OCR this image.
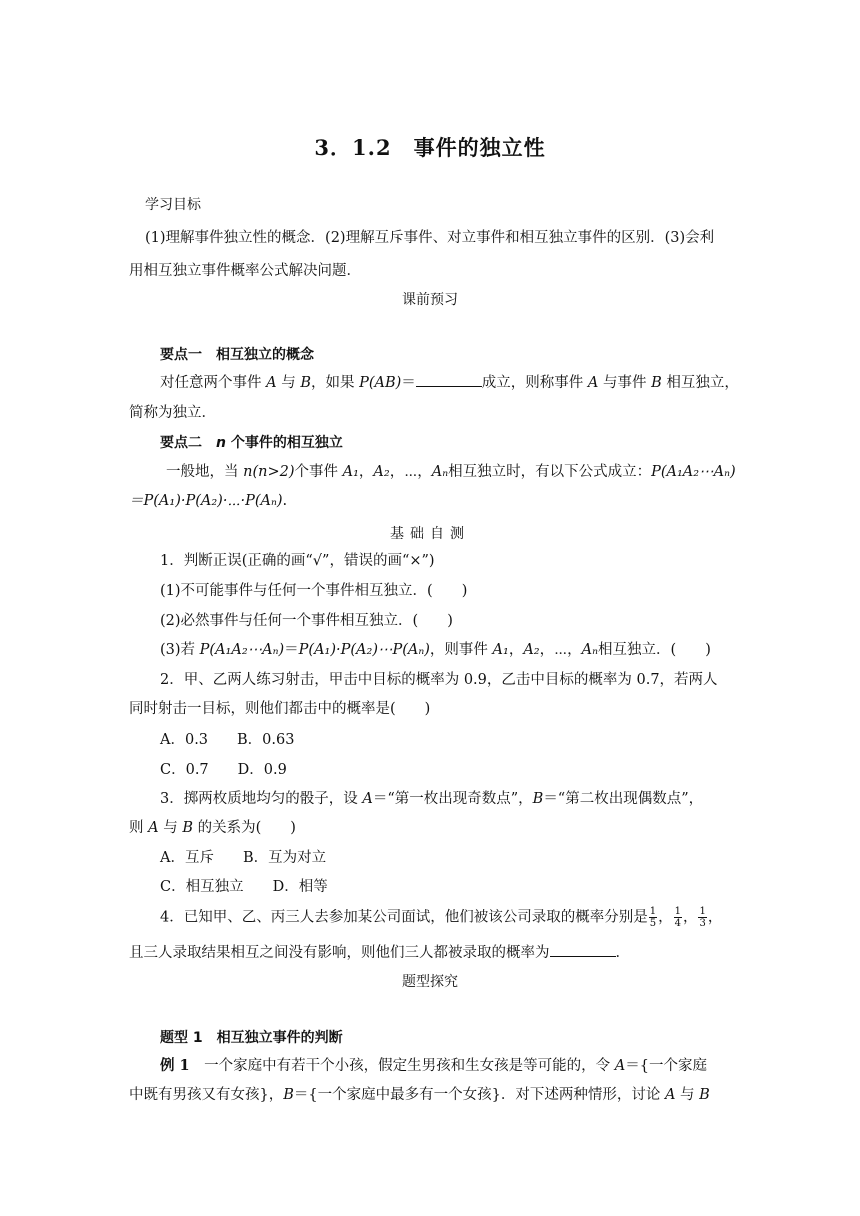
3．1.2　事件的独立性
学习目标
(1)理解事件独立性的概念．(2)理解互斥事件、对立事件和相互独立事件的区别．(3)会利
用相互独立事件概率公式解决问题．
课前预习
要点一　相互独立的概念
对任意两个事件 A 与 B，如果 P(AB)＝	成立，则称事件 A 与事件 B 相互独立，
简称为独立．
要点二　n 个事件的相互独立
一般地，当 n(n>2)个事件 A₁，A₂，⋯，Aₙ相互独立时，有以下公式成立：P(A₁A₂⋯Aₙ)
＝P(A₁)·P(A₂)·⋯·P(Aₙ).
基础自测
1．判断正误(正确的画“√”，错误的画“×”)
(1)不可能事件与任何一个事件相互独立．(　　)
(2)必然事件与任何一个事件相互独立．(　　)
(3)若 P(A₁A₂⋯Aₙ)＝P(A₁)·P(A₂)⋯P(Aₙ)，则事件 A₁，A₂，⋯，Aₙ相互独立．(　　)
2．甲、乙两人练习射击，甲击中目标的概率为 0.9，乙击中目标的概率为 0.7，若两人
同时射击一目标，则他们都击中的概率是(　　)
A．0.3　　B．0.63
C．0.7　　D．0.9
3．掷两枚质地均匀的骰子，设 A＝“第一枚出现奇数点”，B＝“第二枚出现偶数点”，
则 A 与 B 的关系为(　　)
A．互斥　　B．互为对立
C．相互独立　　D．相等
4．已知甲、乙、丙三人去参加某公司面试，他们被该公司录取的概率分别是 $\frac{1}{5}$ ， $\frac{1}{4}$ ， $\frac{1}{3}$ ，
且三人录取结果相互之间没有影响，则他们三人都被录取的概率为	．
题型探究
题型 1　相互独立事件的判断
例 1　一个家庭中有若干个小孩，假定生男孩和生女孩是等可能的，令 A＝{一个家庭
中既有男孩又有女孩}，B＝{一个家庭中最多有一个女孩}．对下述两种情形，讨论 A 与 B
